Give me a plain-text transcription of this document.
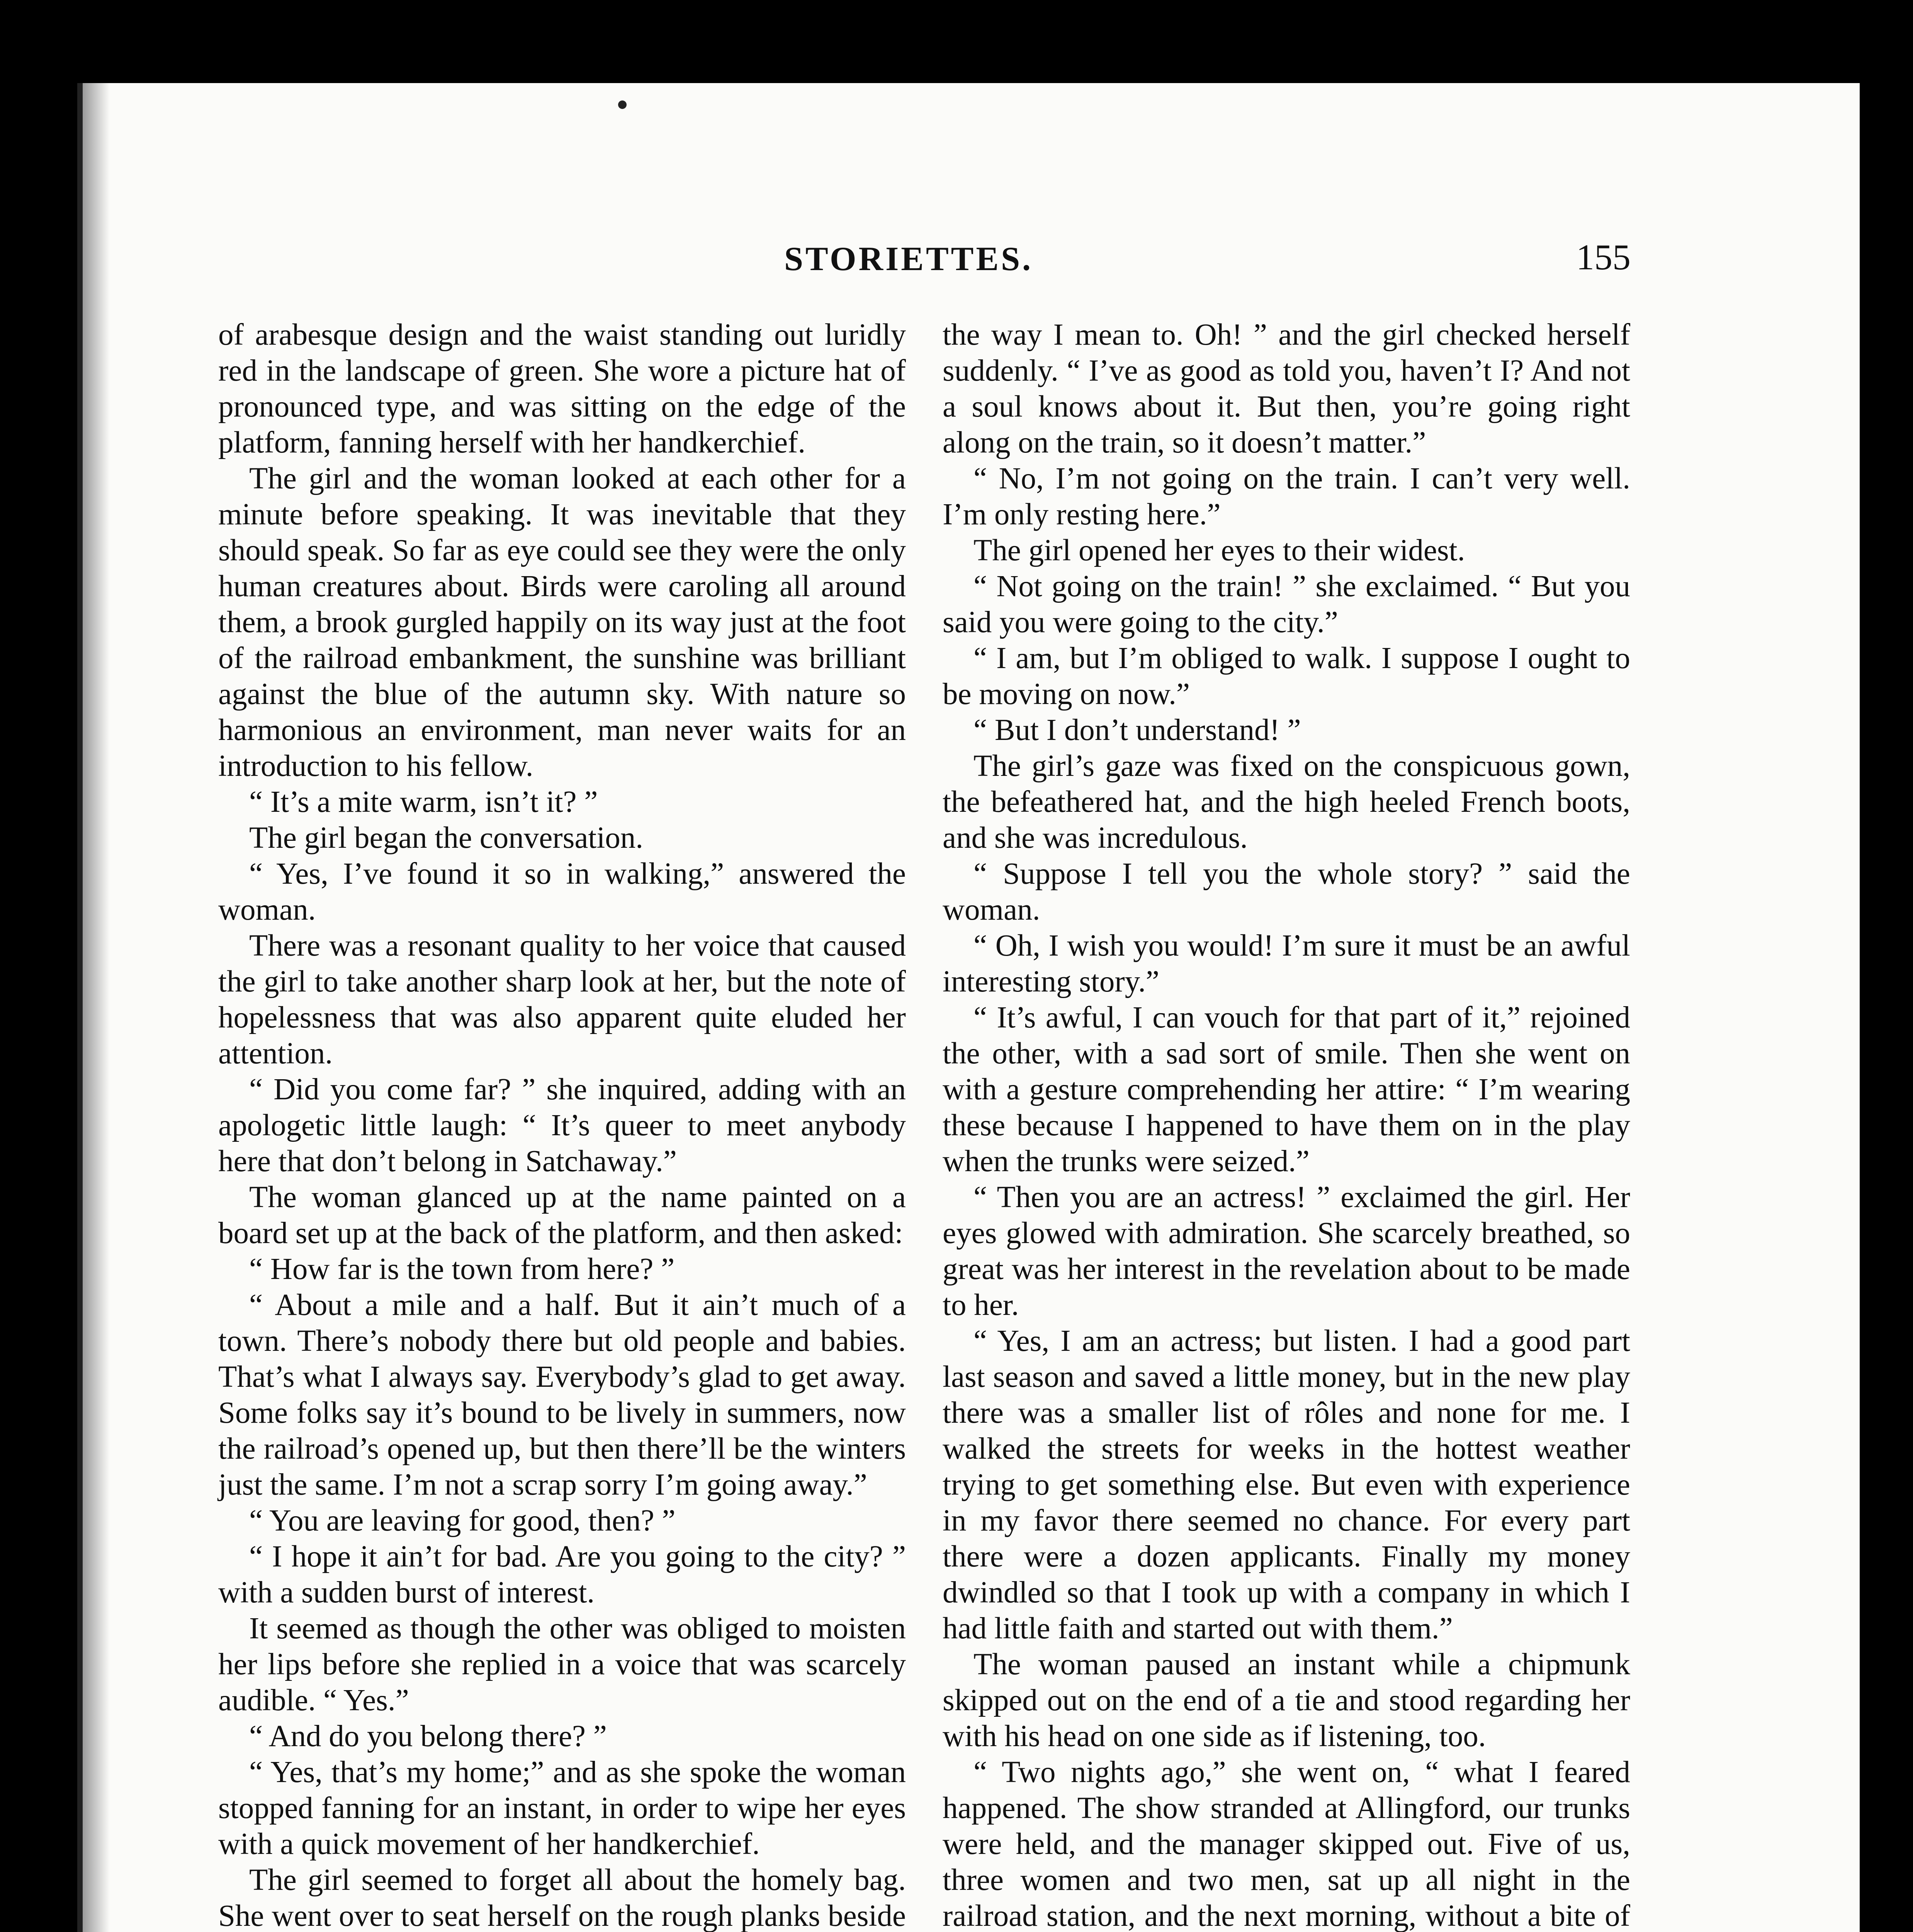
STORIETTES.	155

of arabesque design and the waist standing out luridly red in the landscape of green. She wore a picture hat of pronounced type, and was sitting on the edge of the platform, fanning herself with her handkerchief.

The girl and the woman looked at each other for a minute before speaking. It was inevitable that they should speak. So far as eye could see they were the only human creatures about. Birds were caroling all around them, a brook gurgled happily on its way just at the foot of the railroad embankment, the sunshine was brilliant against the blue of the autumn sky. With nature so harmonious an environment, man never waits for an introduction to his fellow.

“ It’s a mite warm, isn’t it? ”

The girl began the conversation.

“ Yes, I’ve found it so in walking,” answered the woman.

There was a resonant quality to her voice that caused the girl to take another sharp look at her, but the note of hopelessness that was also apparent quite eluded her attention.

“ Did you come far? ” she inquired, adding with an apologetic little laugh: “ It’s queer to meet anybody here that don’t belong in Satchaway.”

The woman glanced up at the name painted on a board set up at the back of the platform, and then asked:

“ How far is the town from here? ”

“ About a mile and a half. But it ain’t much of a town. There’s nobody there but old people and babies. That’s what I always say. Everybody’s glad to get away. Some folks say it’s bound to be lively in summers, now the railroad’s opened up, but then there’ll be the winters just the same. I’m not a scrap sorry I’m going away.”

“ You are leaving for good, then? ”

“ I hope it ain’t for bad. Are you going to the city? ” with a sudden burst of interest.

It seemed as though the other was obliged to moisten her lips before she replied in a voice that was scarcely audible. “ Yes.”

“ And do you belong there? ”

“ Yes, that’s my home;” and as she spoke the woman stopped fanning for an instant, in order to wipe her eyes with a quick movement of her handkerchief.

The girl seemed to forget all about the homely bag. She went over to seat herself on the rough planks beside

the way I mean to. Oh! ” and the girl checked herself suddenly. “ I’ve as good as told you, haven’t I? And not a soul knows about it. But then, you’re going right along on the train, so it doesn’t matter.”

“ No, I’m not going on the train. I can’t very well. I’m only resting here.”

The girl opened her eyes to their widest.

“ Not going on the train! ” she exclaimed. “ But you said you were going to the city.”

“ I am, but I’m obliged to walk. I suppose I ought to be moving on now.”

“ But I don’t understand! ”

The girl’s gaze was fixed on the conspicuous gown, the befeathered hat, and the high heeled French boots, and she was incredulous.

“ Suppose I tell you the whole story? ” said the woman.

“ Oh, I wish you would! I’m sure it must be an awful interesting story.”

“ It’s awful, I can vouch for that part of it,” rejoined the other, with a sad sort of smile. Then she went on with a gesture comprehending her attire: “ I’m wearing these because I happened to have them on in the play when the trunks were seized.”

“ Then you are an actress! ” exclaimed the girl. Her eyes glowed with admiration. She scarcely breathed, so great was her interest in the revelation about to be made to her.

“ Yes, I am an actress; but listen. I had a good part last season and saved a little money, but in the new play there was a smaller list of rôles and none for me. I walked the streets for weeks in the hottest weather trying to get something else. But even with experience in my favor there seemed no chance. For every part there were a dozen applicants. Finally my money dwindled so that I took up with a company in which I had little faith and started out with them.”

The woman paused an instant while a chipmunk skipped out on the end of a tie and stood regarding her with his head on one side as if listening, too.

“ Two nights ago,” she went on, “ what I feared happened. The show stranded at Allingford, our trunks were held, and the manager skipped out. Five of us, three women and two men, sat up all night in the railroad station, and the next morning, without a bite of
